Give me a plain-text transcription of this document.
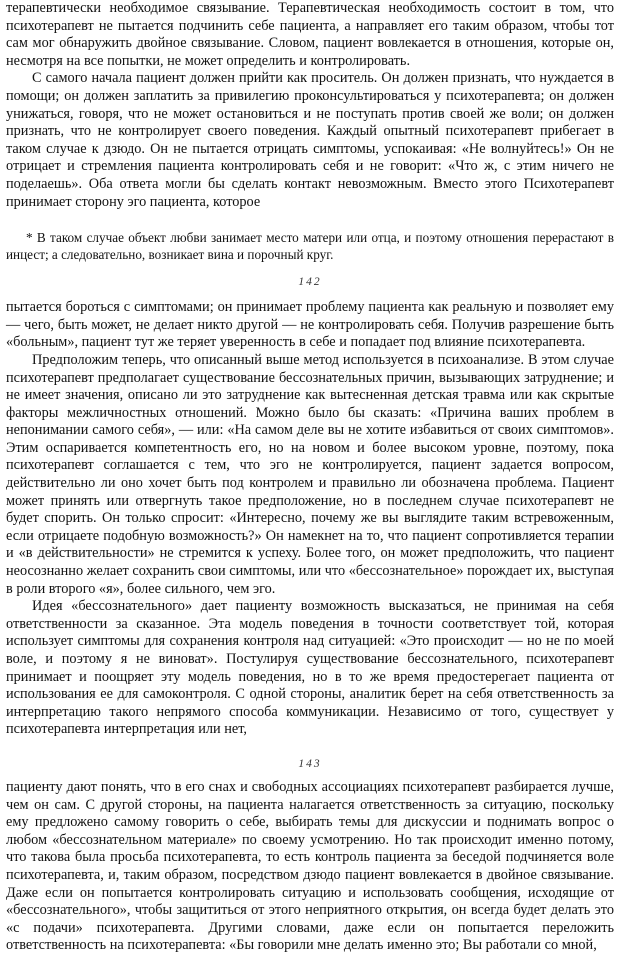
терапевтически необходимое связывание. Терапевтическая необходимость состоит в том, что психотерапевт не пытается подчинить себе пациента, а направляет его таким образом, чтобы тот сам мог обнаружить двойное связывание. Словом, пациент вовлекается в отношения, которые он, несмотря на все попытки, не может определить и контролировать.

С самого начала пациент должен прийти как проситель. Он должен признать, что нуждается в помощи; он должен заплатить за привилегию проконсультироваться у психотерапевта; он должен унижаться, говоря, что не может остановиться и не поступать против своей же воли; он должен признать, что не контролирует своего поведения. Каждый опытный психотерапевт прибегает в таком случае к дзюдо. Он не пытается отрицать симптомы, успокаивая: «Не волнуйтесь!» Он не отрицает и стремления пациента контролировать себя и не говорит: «Что ж, с этим ничего не поделаешь». Оба ответа могли бы сделать контакт невозможным. Вместо этого Психотерапевт принимает сторону эго пациента, которое

* В таком случае объект любви занимает место матери или отца, и поэтому отношения перерастают в инцест; а следовательно, возникает вина и порочный круг.

142

пытается бороться с симптомами; он принимает проблему пациента как реальную и позволяет ему — чего, быть может, не делает никто другой — не контролировать себя. Получив разрешение быть «больным», пациент тут же теряет уверенность в себе и попадает под влияние психотерапевта.

Предположим теперь, что описанный выше метод используется в психоанализе. В этом случае психотерапевт предполагает существование бессознательных причин, вызывающих затруднение; и не имеет значения, описано ли это затруднение как вытесненная детская травма или как скрытые факторы межличностных отношений. Можно было бы сказать: «Причина ваших проблем в непонимании самого себя», — или: «На самом деле вы не хотите избавиться от своих симптомов». Этим оспаривается компетентность его, но на новом и более высоком уровне, поэтому, пока психотерапевт соглашается с тем, что эго не контролируется, пациент задается вопросом, действительно ли оно хочет быть под контролем и правильно ли обозначена проблема. Пациент может принять или отвергнуть такое предположение, но в последнем случае психотерапевт не будет спорить. Он только спросит: «Интересно, почему же вы выглядите таким встревоженным, если отрицаете подобную возможность?» Он намекнет на то, что пациент сопротивляется терапии и «в действительности» не стремится к успеху. Более того, он может предположить, что пациент неосознанно желает сохранить свои симптомы, или что «бессознательное» порождает их, выступая в роли второго «я», более сильного, чем эго.

Идея «бессознательного» дает пациенту возможность высказаться, не принимая на себя ответственности за сказанное. Эта модель поведения в точности соответствует той, которая использует симптомы для сохранения контроля над ситуацией: «Это происходит — но не по моей воле, и поэтому я не виноват». Постулируя существование бессознательного, психотерапевт принимает и поощряет эту модель поведения, но в то же время предостерегает пациента от использования ее для самоконтроля. С одной стороны, аналитик берет на себя ответственность за интерпретацию такого непрямого способа коммуникации. Независимо от того, существует у психотерапевта интерпретация или нет,

143

пациенту дают понять, что в его снах и свободных ассоциациях психотерапевт разбирается лучше, чем он сам. С другой стороны, на пациента налагается ответственность за ситуацию, поскольку ему предложено самому говорить о себе, выбирать темы для дискуссии и поднимать вопрос о любом «бессознательном материале» по своему усмотрению. Но так происходит именно потому, что такова была просьба психотерапевта, то есть контроль пациента за беседой подчиняется воле психотерапевта, и, таким образом, посредством дзюдо пациент вовлекается в двойное связывание. Даже если он попытается контролировать ситуацию и использовать сообщения, исходящие от «бессознательного», чтобы защититься от этого неприятного открытия, он всегда будет делать это «с подачи» психотерапевта. Другими словами, даже если он попытается переложить ответственность на психотерапевта: «Бы говорили мне делать именно это; Вы работали со мной,
